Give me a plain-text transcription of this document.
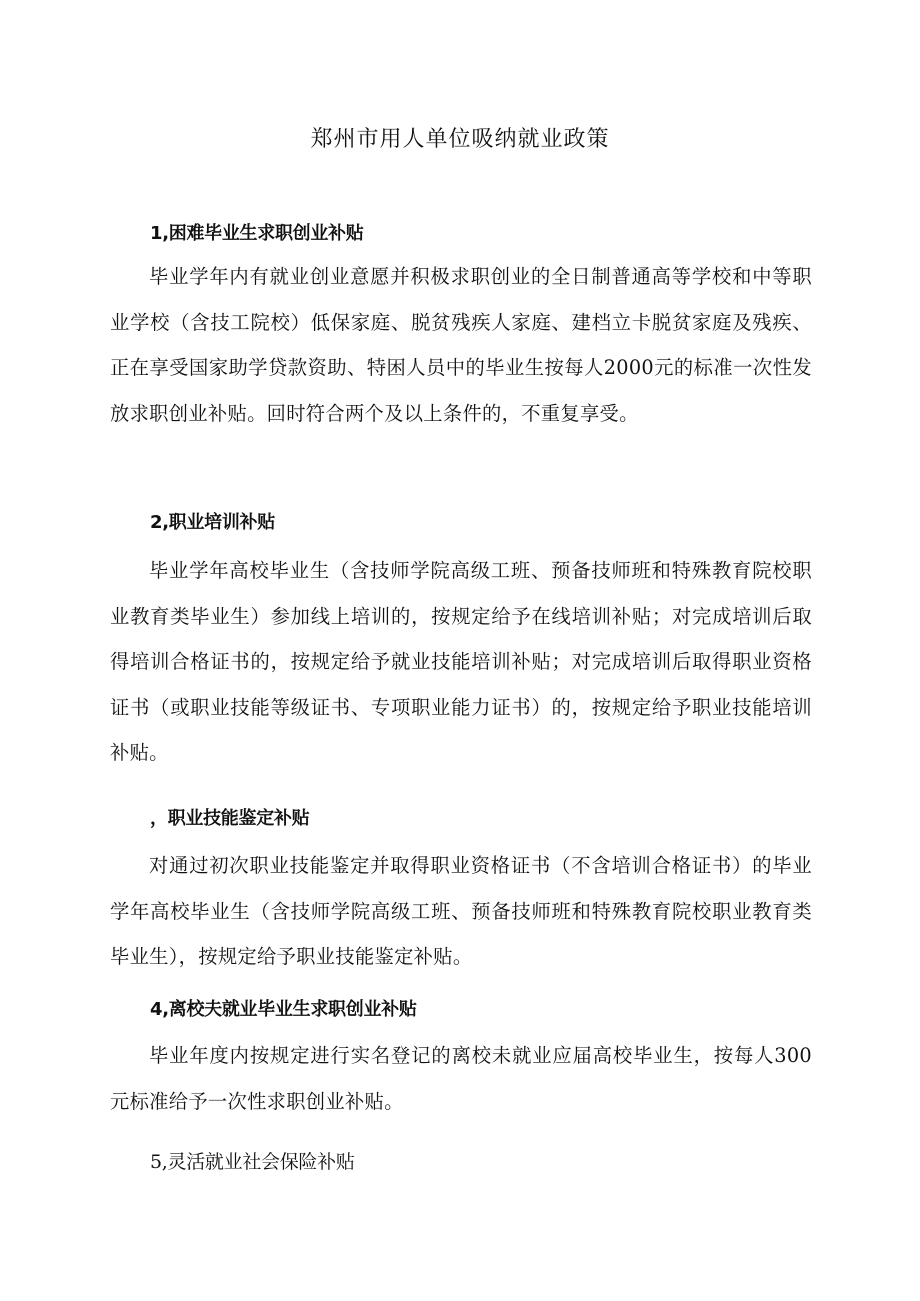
郑州市用人单位吸纳就业政策
1,困难毕业生求职创业补贴

毕业学年内有就业创业意愿并积极求职创业的全日制普通高等学校和中等职业学校（含技工院校）低保家庭、脱贫残疾人家庭、建档立卡脱贫家庭及残疾、正在享受国家助学贷款资助、特困人员中的毕业生按每人2000元的标准一次性发放求职创业补贴。回时符合两个及以上条件的，不重复享受。

2,职业培训补贴

毕业学年高校毕业生（含技师学院高级工班、预备技师班和特殊教育院校职业教育类毕业生）参加线上培训的，按规定给予在线培训补贴；对完成培训后取得培训合格证书的，按规定给予就业技能培训补贴；对完成培训后取得职业资格证书（或职业技能等级证书、专项职业能力证书）的，按规定给予职业技能培训补贴。

，职业技能鉴定补贴

对通过初次职业技能鉴定并取得职业资格证书（不含培训合格证书）的毕业学年高校毕业生（含技师学院高级工班、预备技师班和特殊教育院校职业教育类毕业生），按规定给予职业技能鉴定补贴。

4,离校夫就业毕业生求职创业补贴

毕业年度内按规定进行实名登记的离校未就业应届高校毕业生，按每人300元标准给予一次性求职创业补贴。

5,灵活就业社会保险补贴
